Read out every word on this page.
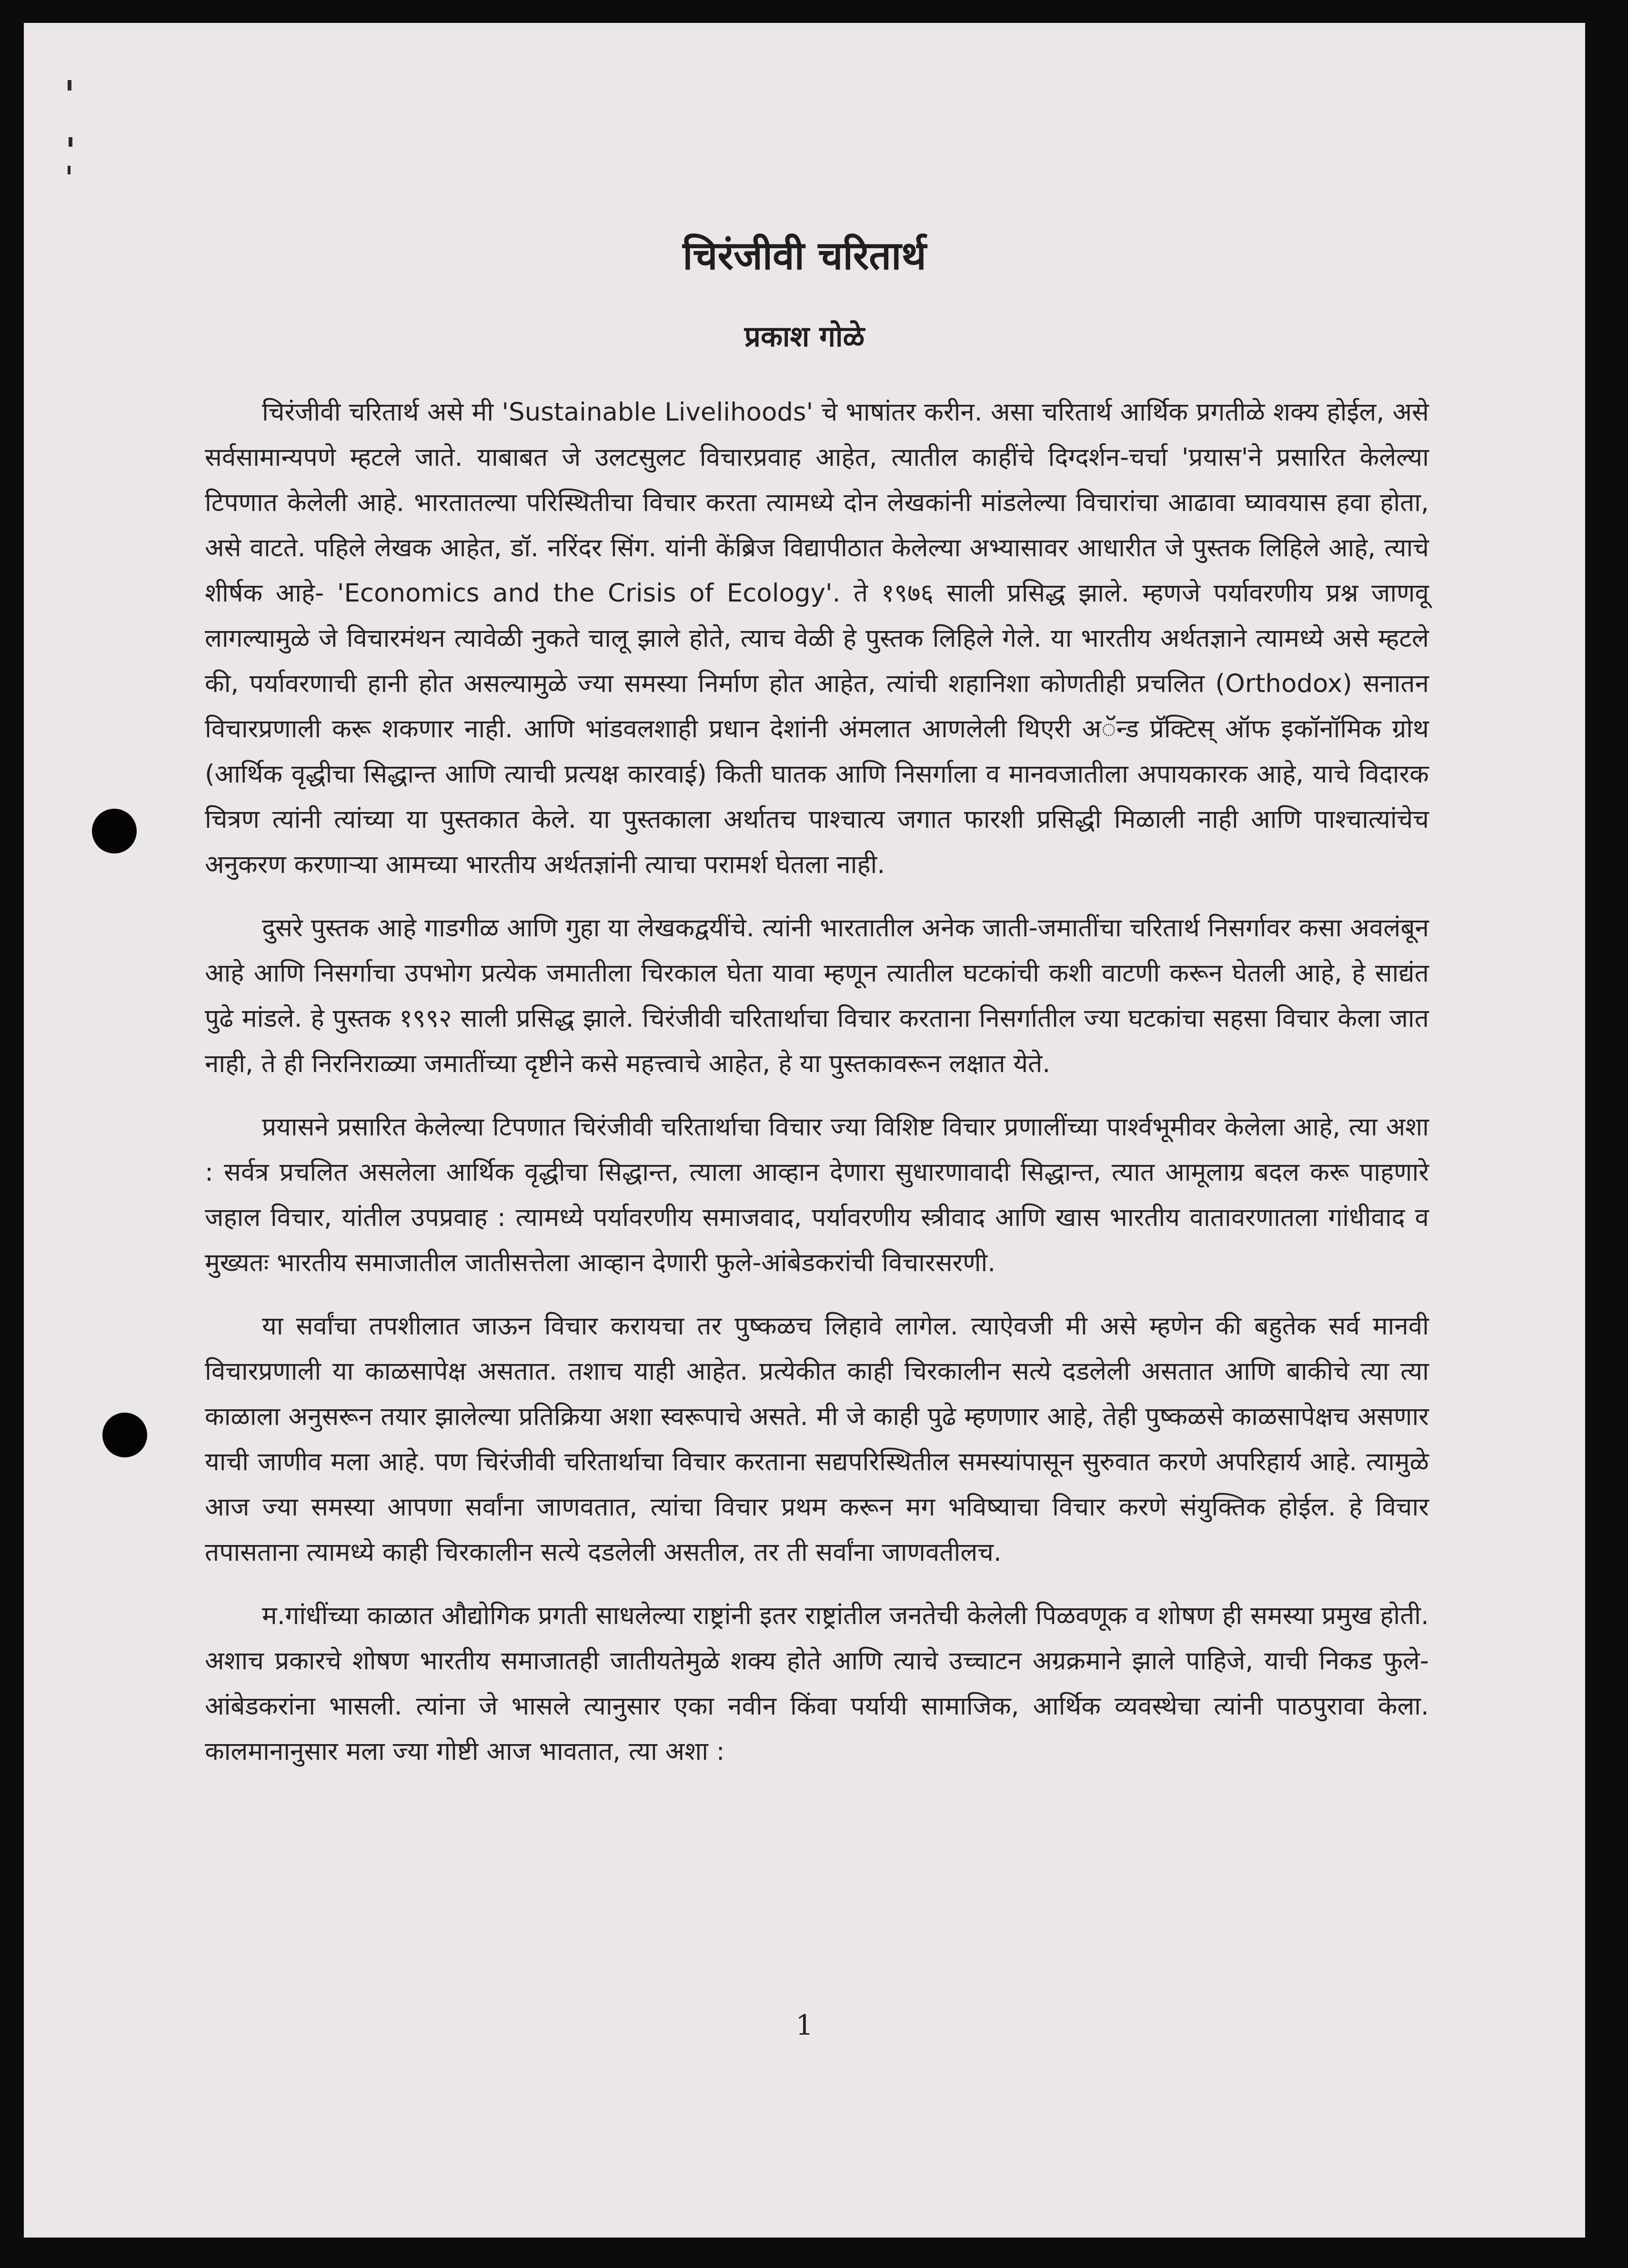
चिरंजीवी चरितार्थ
प्रकाश गोळे

चिरंजीवी चरितार्थ असे मी 'Sustainable Livelihoods' चे भाषांतर करीन. असा चरितार्थ आर्थिक प्रगतीळे शक्य होईल, असे सर्वसामान्यपणे म्हटले जाते. याबाबत जे उलटसुलट विचारप्रवाह आहेत, त्यातील काहींचे दिग्दर्शन-चर्चा 'प्रयास'ने प्रसारित केलेल्या टिपणात केलेली आहे. भारतातल्या परिस्थितीचा विचार करता त्यामध्ये दोन लेखकांनी मांडलेल्या विचारांचा आढावा घ्यावयास हवा होता, असे वाटते. पहिले लेखक आहेत, डॉ. नरिंदर सिंग. यांनी केंब्रिज विद्यापीठात केलेल्या अभ्यासावर आधारीत जे पुस्तक लिहिले आहे, त्याचे शीर्षक आहे- 'Economics and the Crisis of Ecology'. ते १९७६ साली प्रसिद्ध झाले. म्हणजे पर्यावरणीय प्रश्न जाणवू लागल्यामुळे जे विचारमंथन त्यावेळी नुकते चालू झाले होते, त्याच वेळी हे पुस्तक लिहिले गेले. या भारतीय अर्थतज्ञाने त्यामध्ये असे म्हटले की, पर्यावरणाची हानी होत असल्यामुळे ज्या समस्या निर्माण होत आहेत, त्यांची शहानिशा कोणतीही प्रचलित (Orthodox) सनातन विचारप्रणाली करू शकणार नाही. आणि भांडवलशाही प्रधान देशांनी अंमलात आणलेली थिएरी अॅन्ड प्रॅक्टिस् ऑफ इकॉनॉमिक ग्रोथ (आर्थिक वृद्धीचा सिद्धान्त आणि त्याची प्रत्यक्ष कारवाई) किती घातक आणि निसर्गाला व मानवजातीला अपायकारक आहे, याचे विदारक चित्रण त्यांनी त्यांच्या या पुस्तकात केले. या पुस्तकाला अर्थातच पाश्चात्य जगात फारशी प्रसिद्धी मिळाली नाही आणि पाश्चात्यांचेच अनुकरण करणाऱ्या आमच्या भारतीय अर्थतज्ञांनी त्याचा परामर्श घेतला नाही.

दुसरे पुस्तक आहे गाडगीळ आणि गुहा या लेखकद्वयींचे. त्यांनी भारतातील अनेक जाती-जमातींचा चरितार्थ निसर्गावर कसा अवलंबून आहे आणि निसर्गाचा उपभोग प्रत्येक जमातीला चिरकाल घेता यावा म्हणून त्यातील घटकांची कशी वाटणी करून घेतली आहे, हे साद्यंत पुढे मांडले. हे पुस्तक १९९२ साली प्रसिद्ध झाले. चिरंजीवी चरितार्थाचा विचार करताना निसर्गातील ज्या घटकांचा सहसा विचार केला जात नाही, ते ही निरनिराळ्या जमातींच्या दृष्टीने कसे महत्त्वाचे आहेत, हे या पुस्तकावरून लक्षात येते.

प्रयासने प्रसारित केलेल्या टिपणात चिरंजीवी चरितार्थाचा विचार ज्या विशिष्ट विचार प्रणालींच्या पार्श्वभूमीवर केलेला आहे, त्या अशा : सर्वत्र प्रचलित असलेला आर्थिक वृद्धीचा सिद्धान्त, त्याला आव्हान देणारा सुधारणावादी सिद्धान्त, त्यात आमूलाग्र बदल करू पाहणारे जहाल विचार, यांतील उपप्रवाह : त्यामध्ये पर्यावरणीय समाजवाद, पर्यावरणीय स्त्रीवाद आणि खास भारतीय वातावरणातला गांधीवाद व मुख्यतः भारतीय समाजातील जातीसत्तेला आव्हान देणारी फुले-आंबेडकरांची विचारसरणी.

या सर्वांचा तपशीलात जाऊन विचार करायचा तर पुष्कळच लिहावे लागेल. त्याऐवजी मी असे म्हणेन की बहुतेक सर्व मानवी विचारप्रणाली या काळसापेक्ष असतात. तशाच याही आहेत. प्रत्येकीत काही चिरकालीन सत्ये दडलेली असतात आणि बाकीचे त्या त्या काळाला अनुसरून तयार झालेल्या प्रतिक्रिया अशा स्वरूपाचे असते. मी जे काही पुढे म्हणणार आहे, तेही पुष्कळसे काळसापेक्षच असणार याची जाणीव मला आहे. पण चिरंजीवी चरितार्थाचा विचार करताना सद्यपरिस्थितील समस्यांपासून सुरुवात करणे अपरिहार्य आहे. त्यामुळे आज ज्या समस्या आपणा सर्वांना जाणवतात, त्यांचा विचार प्रथम करून मग भविष्याचा विचार करणे संयुक्तिक होईल. हे विचार तपासताना त्यामध्ये काही चिरकालीन सत्ये दडलेली असतील, तर ती सर्वांना जाणवतीलच.

म.गांधींच्या काळात औद्योगिक प्रगती साधलेल्या राष्ट्रांनी इतर राष्ट्रांतील जनतेची केलेली पिळवणूक व शोषण ही समस्या प्रमुख होती. अशाच प्रकारचे शोषण भारतीय समाजातही जातीयतेमुळे शक्य होते आणि त्याचे उच्चाटन अग्रक्रमाने झाले पाहिजे, याची निकड फुले-आंबेडकरांना भासली. त्यांना जे भासले त्यानुसार एका नवीन किंवा पर्यायी सामाजिक, आर्थिक व्यवस्थेचा त्यांनी पाठपुरावा केला. कालमानानुसार मला ज्या गोष्टी आज भावतात, त्या अशा :

1
